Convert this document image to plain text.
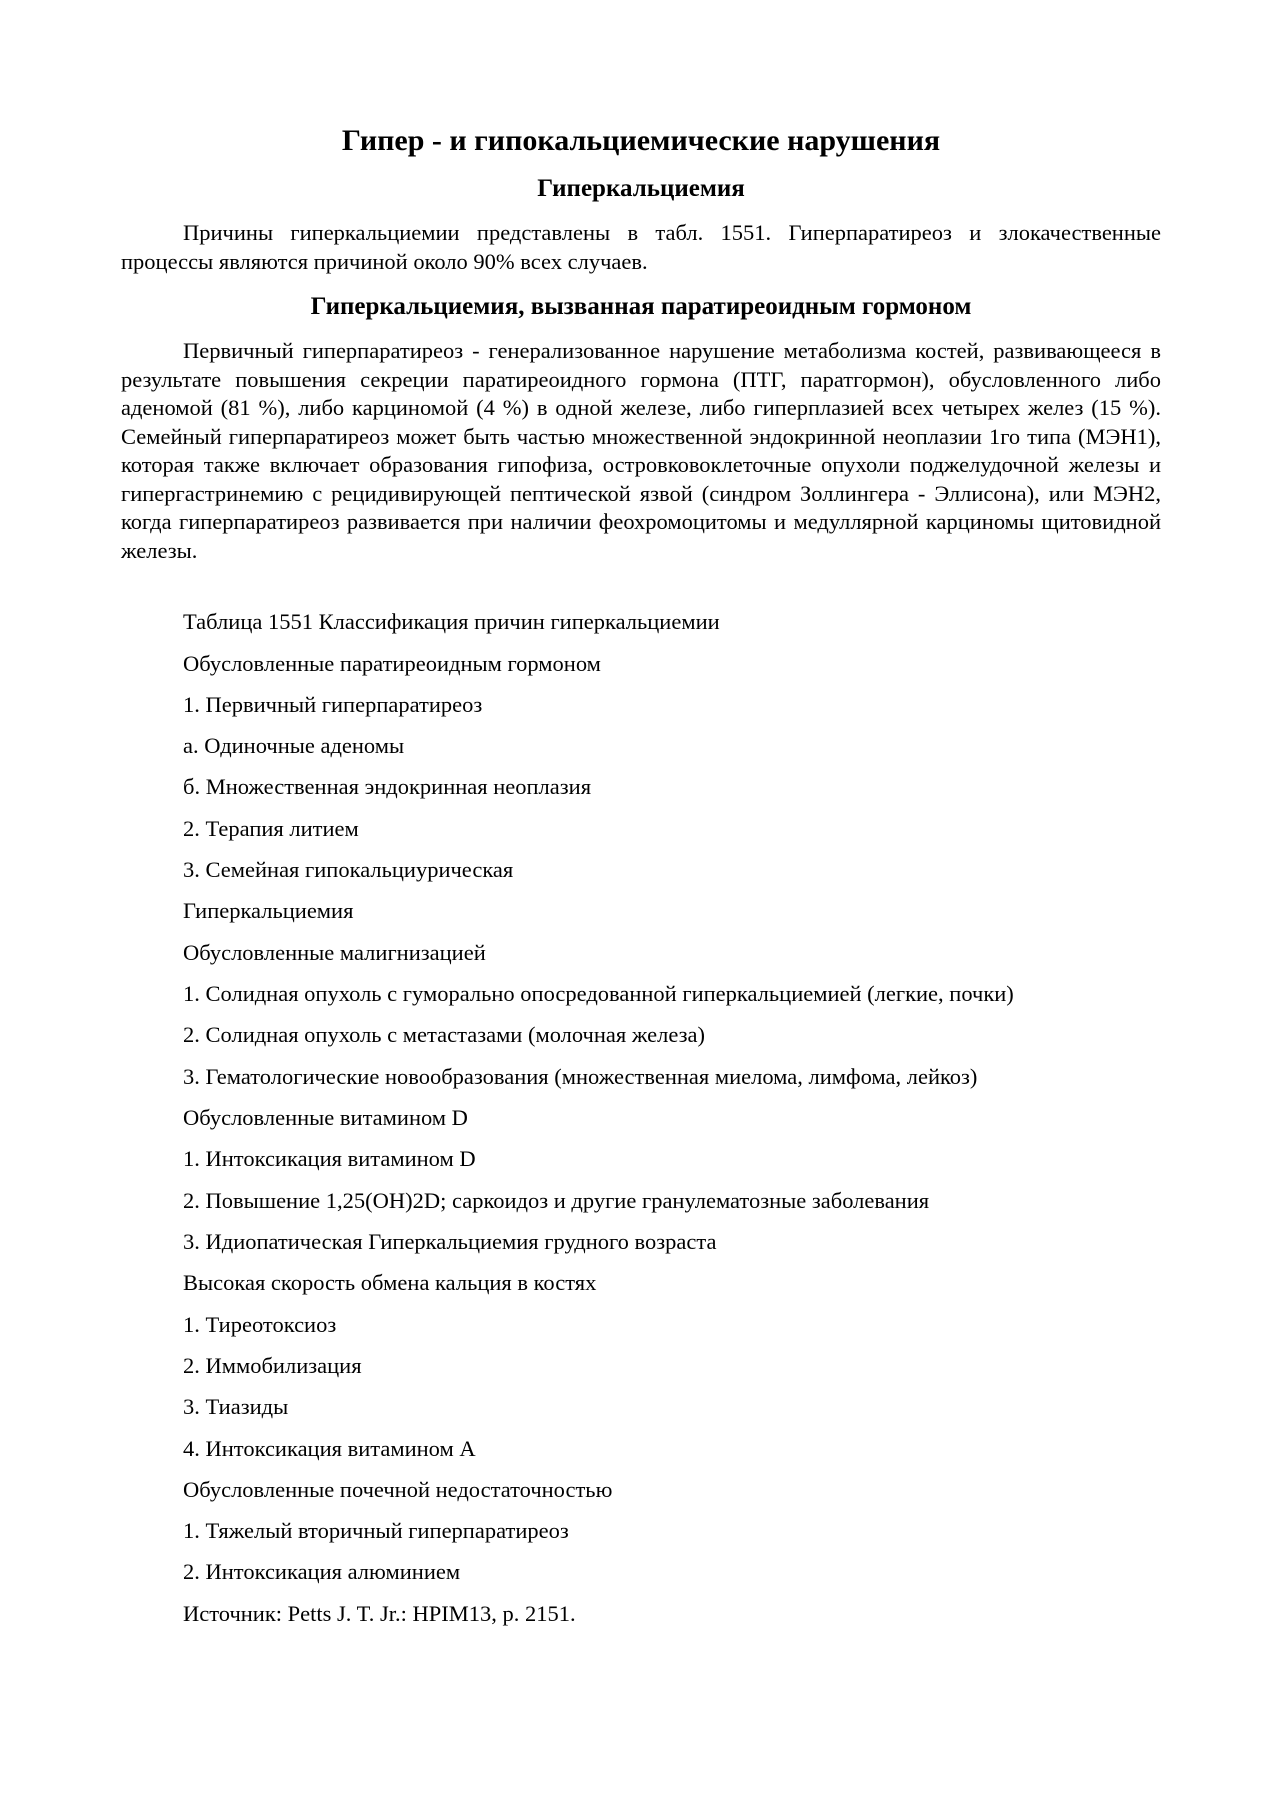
Гипер - и гипокальциемические нарушения
Гиперкальциемия
Причины гиперкальциемии представлены в табл. 1551. Гиперпаратиреоз и злокачественные процессы являются причиной около 90% всех случаев.
Гиперкальциемия, вызванная паратиреоидным гормоном
Первичный гиперпаратиреоз - генерализованное нарушение метаболизма костей, развивающееся в результате повышения секреции паратиреоидного гормона (ПТГ, паратгормон), обусловленного либо аденомой (81 %), либо карциномой (4 %) в одной железе, либо гиперплазией всех четырех желез (15 %). Семейный гиперпаратиреоз может быть частью множественной эндокринной неоплазии 1го типа (МЭН1), которая также включает образования гипофиза, островковоклеточные опухоли поджелудочной железы и гипергастринемию с рецидивирующей пептической язвой (синдром Золлингера - Эллисона), или МЭН2, когда гиперпаратиреоз развивается при наличии феохромоцитомы и медуллярной карциномы щитовидной железы.
Таблица 1551 Классификация причин гиперкальциемии
Обусловленные паратиреоидным гормоном
1. Первичный гиперпаратиреоз
а. Одиночные аденомы
б. Множественная эндокринная неоплазия
2. Терапия литием
3. Семейная гипокальциурическая
Гиперкальциемия
Обусловленные малигнизацией
1. Солидная опухоль с гуморально опосредованной гиперкальциемией (легкие, почки)
2. Солидная опухоль с метастазами (молочная железа)
3. Гематологические новообразования (множественная миелома, лимфома, лейкоз)
Обусловленные витамином D
1. Интоксикация витамином D
2. Повышение 1,25(OH)2D; саркоидоз и другие гранулематозные заболевания
3. Идиопатическая Гиперкальциемия грудного возраста
Высокая скорость обмена кальция в костях
1. Тиреотоксиоз
2. Иммобилизация
3. Тиазиды
4. Интоксикация витамином А
Обусловленные почечной недостаточностью
1. Тяжелый вторичный гиперпаратиреоз
2. Интоксикация алюминием
Источник: Petts J. T. Jr.: HPIM13, p. 2151.
